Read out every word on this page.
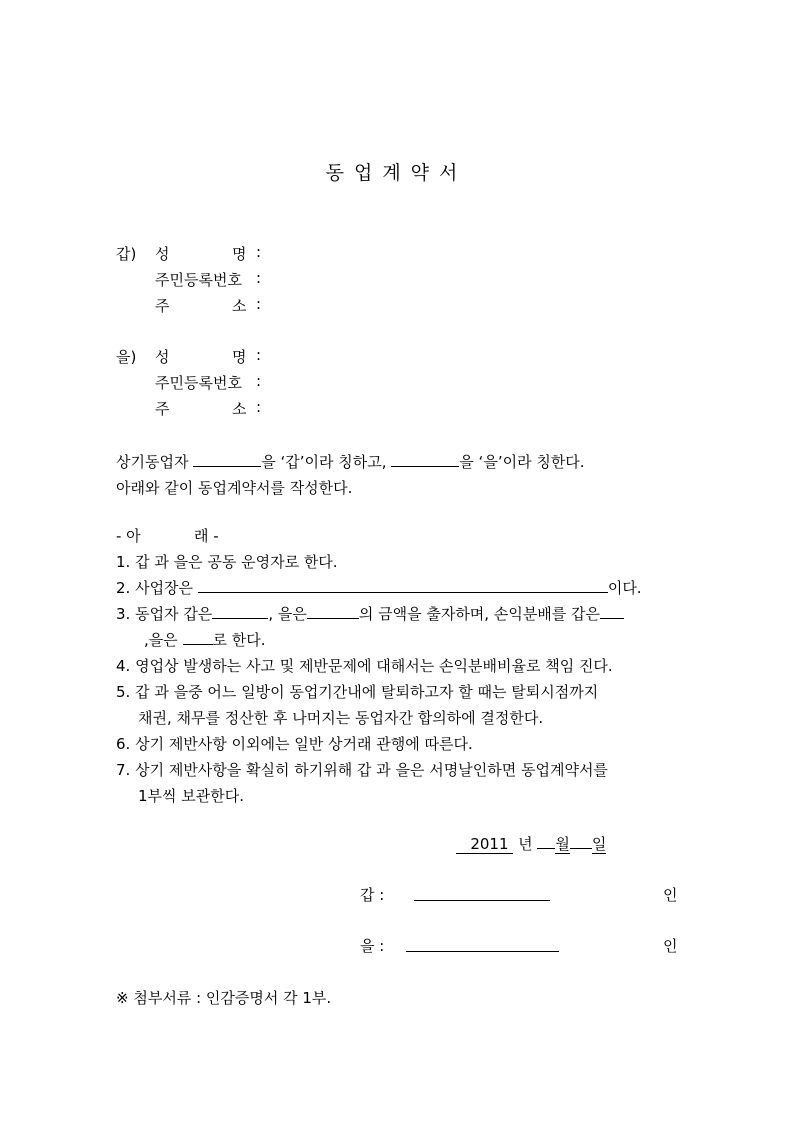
동업계약서
갑) 성	명 :
주민등록번호 :
주	소 :
을) 성	명 :
주민등록번호 :
주	소 :
상기동업자	을 ‘갑’이라 칭하고,	을 ‘을’이라 칭한다.
아래와 같이 동업계약서를 작성한다.
- 아	래 -
1. 갑 과 을은 공동 운영자로 한다.
2. 사업장은	이다.
3. 동업자 갑은	, 을은	의 금액을 출자하며, 손익분배를 갑은
,을은 로 한다.
4. 영업상 발생하는 사고 및 제반문제에 대해서는 손익분배비율로 책임 진다.
5. 갑 과 을중 어느 일방이 동업기간내에 탈퇴하고자 할 때는 탈퇴시점까지
채권, 채무를 정산한 후 나머지는 동업자간 합의하에 결정한다.
6. 상기 제반사항 이외에는 일반 상거래 관행에 따른다.
7. 상기 제반사항을 확실히 하기위해 갑 과 을은 서명날인하면 동업계약서를
1부씩 보관한다.
2011 년 월 일
갑 :	인
을 :	인
※ 첨부서류 : 인감증명서 각 1부.
